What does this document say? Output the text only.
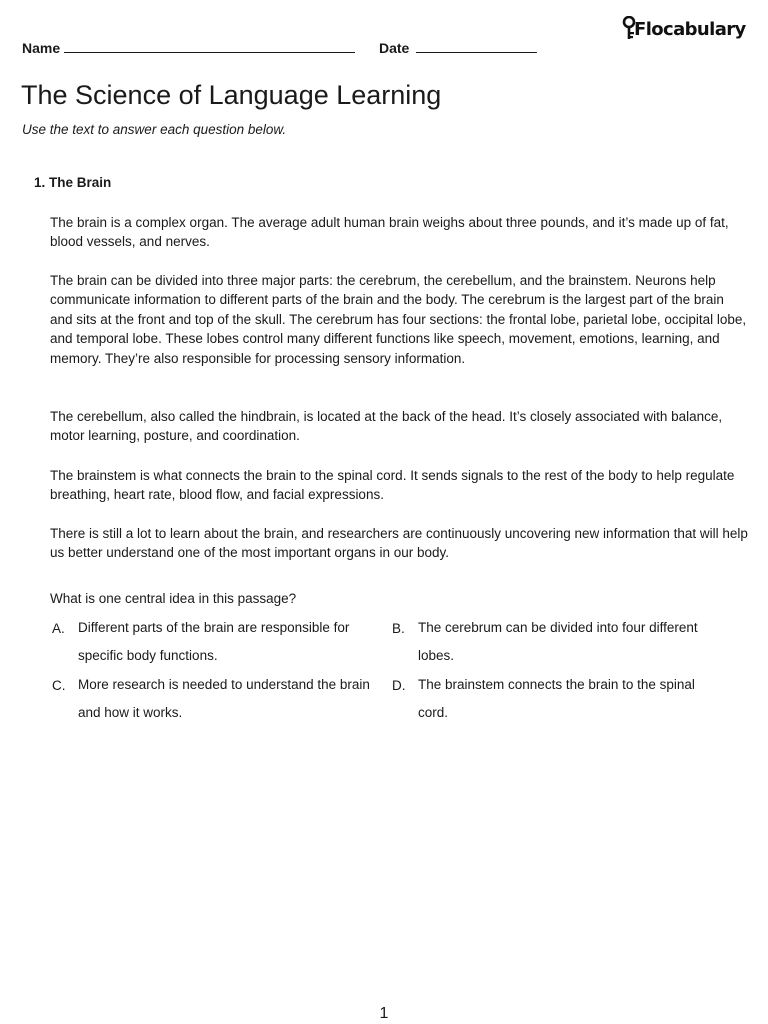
Name	Date
Flocabulary
The Science of Language Learning
Use the text to answer each question below.
1. The Brain

The brain is a complex organ. The average adult human brain weighs about three pounds, and it’s made up of fat, blood vessels, and nerves.

The brain can be divided into three major parts: the cerebrum, the cerebellum, and the brainstem. Neurons help communicate information to different parts of the brain and the body. The cerebrum is the largest part of the brain and sits at the front and top of the skull. The cerebrum has four sections: the frontal lobe, parietal lobe, occipital lobe, and temporal lobe. These lobes control many different functions like speech, movement, emotions, learning, and memory. They’re also responsible for processing sensory information.

The cerebellum, also called the hindbrain, is located at the back of the head. It’s closely associated with balance, motor learning, posture, and coordination.

The brainstem is what connects the brain to the spinal cord. It sends signals to the rest of the body to help regulate breathing, heart rate, blood flow, and facial expressions.

There is still a lot to learn about the brain, and researchers are continuously uncovering new information that will help us better understand one of the most important organs in our body.

What is one central idea in this passage?
A. Different parts of the brain are responsible for specific body functions.
B. The cerebrum can be divided into four different lobes.
C. More research is needed to understand the brain and how it works.
D. The brainstem connects the brain to the spinal cord.
1
